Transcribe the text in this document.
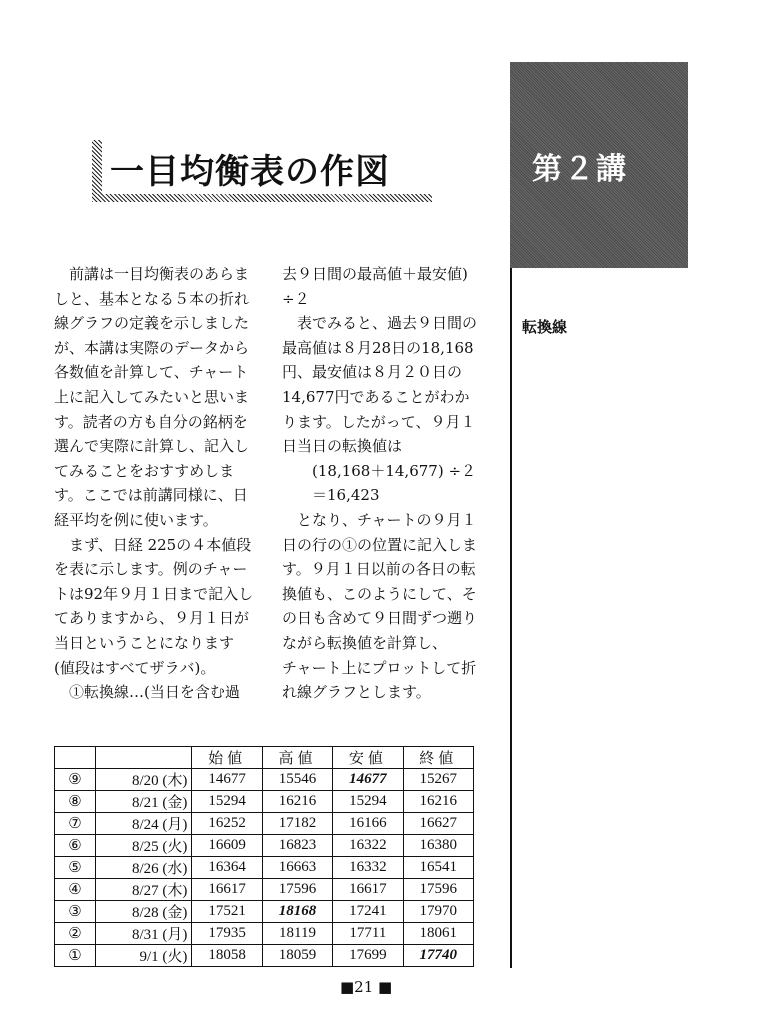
一目均衡表の作図	第２講
転換線

　前講は一目均衡表のあらま

しと、基本となる５本の折れ

線グラフの定義を示しました

が、本講は実際のデータから

各数値を計算して、チャート

上に記入してみたいと思いま

す。読者の方も自分の銘柄を

選んで実際に計算し、記入し

てみることをおすすめしま

す。ここでは前講同様に、日

経平均を例に使います。

　まず、日経 225の４本値段

を表に示します。例のチャー

トは92年９月１日まで記入し

てありますから、９月１日が

当日ということになります

(値段はすべてザラバ)。

　①転換線…(当日を含む過

去９日間の最高値＋最安値)

÷２

　表でみると、過去９日間の

最高値は８月28日の18,168

円、最安値は８月２０日の

14,677円であることがわか

ります。したがって、９月１

日当日の転換値は

　　(18,168＋14,677) ÷２

　　＝16,423

　となり、チャートの９月１

日の行の①の位置に記入しま

す。９月１日以前の各日の転

換値も、このようにして、そ

の日も含めて９日間ずつ遡り

ながら転換値を計算し、

チャート上にプロットして折

れ線グラフとします。

		始値	高値	安値	終値
⑨	8/20 (木)	14677	15546	14677	15267
⑧	8/21 (金)	15294	16216	15294	16216
⑦	8/24 (月)	16252	17182	16166	16627
⑥	8/25 (火)	16609	16823	16322	16380
⑤	8/26 (水)	16364	16663	16332	16541
④	8/27 (木)	16617	17596	16617	17596
③	8/28 (金)	17521	18168	17241	17970
②	8/31 (月)	17935	18119	17711	18061
①	9/1 (火)	18058	18059	17699	17740
■21 ■
